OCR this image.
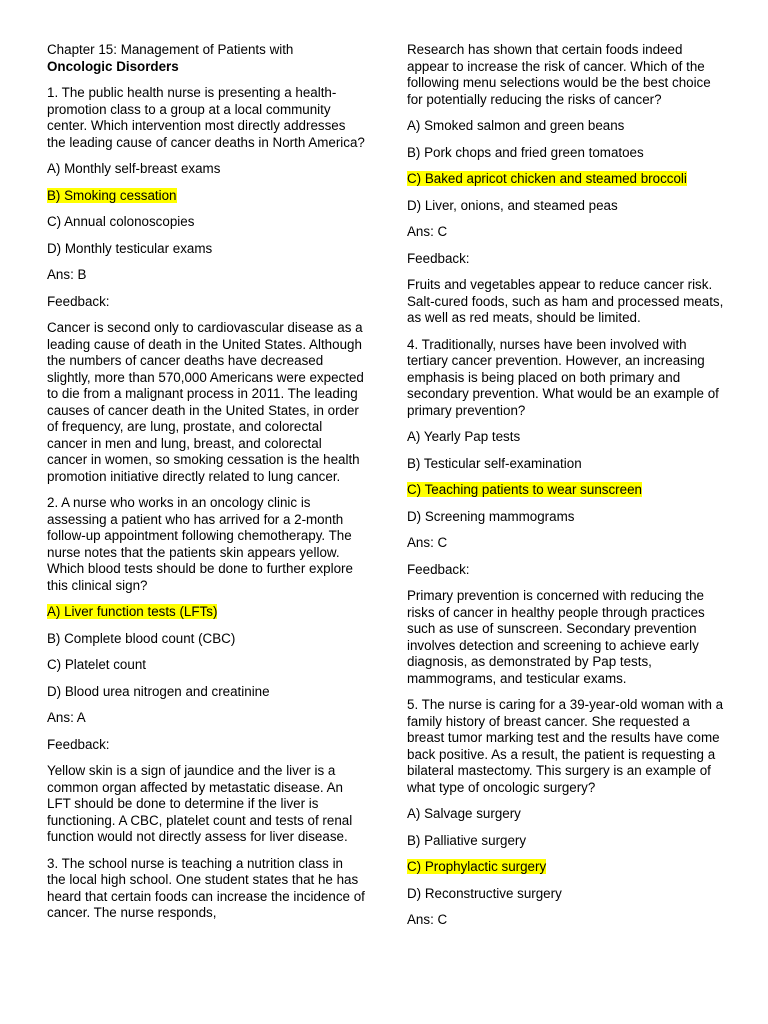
Chapter 15: Management of Patients with
Oncologic Disorders
1. The public health nurse is presenting a health-promotion class to a group at a local community center. Which intervention most directly addresses the leading cause of cancer deaths in North America?
A) Monthly self-breast exams
B) Smoking cessation
C) Annual colonoscopies
D) Monthly testicular exams
Ans: B
Feedback:
Cancer is second only to cardiovascular disease as a leading cause of death in the United States. Although the numbers of cancer deaths have decreased slightly, more than 570,000 Americans were expected to die from a malignant process in 2011. The leading causes of cancer death in the United States, in order of frequency, are lung, prostate, and colorectal cancer in men and lung, breast, and colorectal cancer in women, so smoking cessation is the health promotion initiative directly related to lung cancer.
2. A nurse who works in an oncology clinic is assessing a patient who has arrived for a 2-month follow-up appointment following chemotherapy. The nurse notes that the patients skin appears yellow. Which blood tests should be done to further explore this clinical sign?
A) Liver function tests (LFTs)
B) Complete blood count (CBC)
C) Platelet count
D) Blood urea nitrogen and creatinine
Ans: A
Feedback:
Yellow skin is a sign of jaundice and the liver is a common organ affected by metastatic disease. An LFT should be done to determine if the liver is functioning. A CBC, platelet count and tests of renal function would not directly assess for liver disease.
3. The school nurse is teaching a nutrition class in the local high school. One student states that he has heard that certain foods can increase the incidence of cancer. The nurse responds,
Research has shown that certain foods indeed appear to increase the risk of cancer. Which of the following menu selections would be the best choice for potentially reducing the risks of cancer?
A) Smoked salmon and green beans
B) Pork chops and fried green tomatoes
C) Baked apricot chicken and steamed broccoli
D) Liver, onions, and steamed peas
Ans: C
Feedback:
Fruits and vegetables appear to reduce cancer risk. Salt-cured foods, such as ham and processed meats, as well as red meats, should be limited.
4. Traditionally, nurses have been involved with tertiary cancer prevention. However, an increasing emphasis is being placed on both primary and secondary prevention. What would be an example of primary prevention?
A) Yearly Pap tests
B) Testicular self-examination
C) Teaching patients to wear sunscreen
D) Screening mammograms
Ans: C
Feedback:
Primary prevention is concerned with reducing the risks of cancer in healthy people through practices such as use of sunscreen. Secondary prevention involves detection and screening to achieve early diagnosis, as demonstrated by Pap tests, mammograms, and testicular exams.
5. The nurse is caring for a 39-year-old woman with a family history of breast cancer. She requested a breast tumor marking test and the results have come back positive. As a result, the patient is requesting a bilateral mastectomy. This surgery is an example of what type of oncologic surgery?
A) Salvage surgery
B) Palliative surgery
C) Prophylactic surgery
D) Reconstructive surgery
Ans: C
